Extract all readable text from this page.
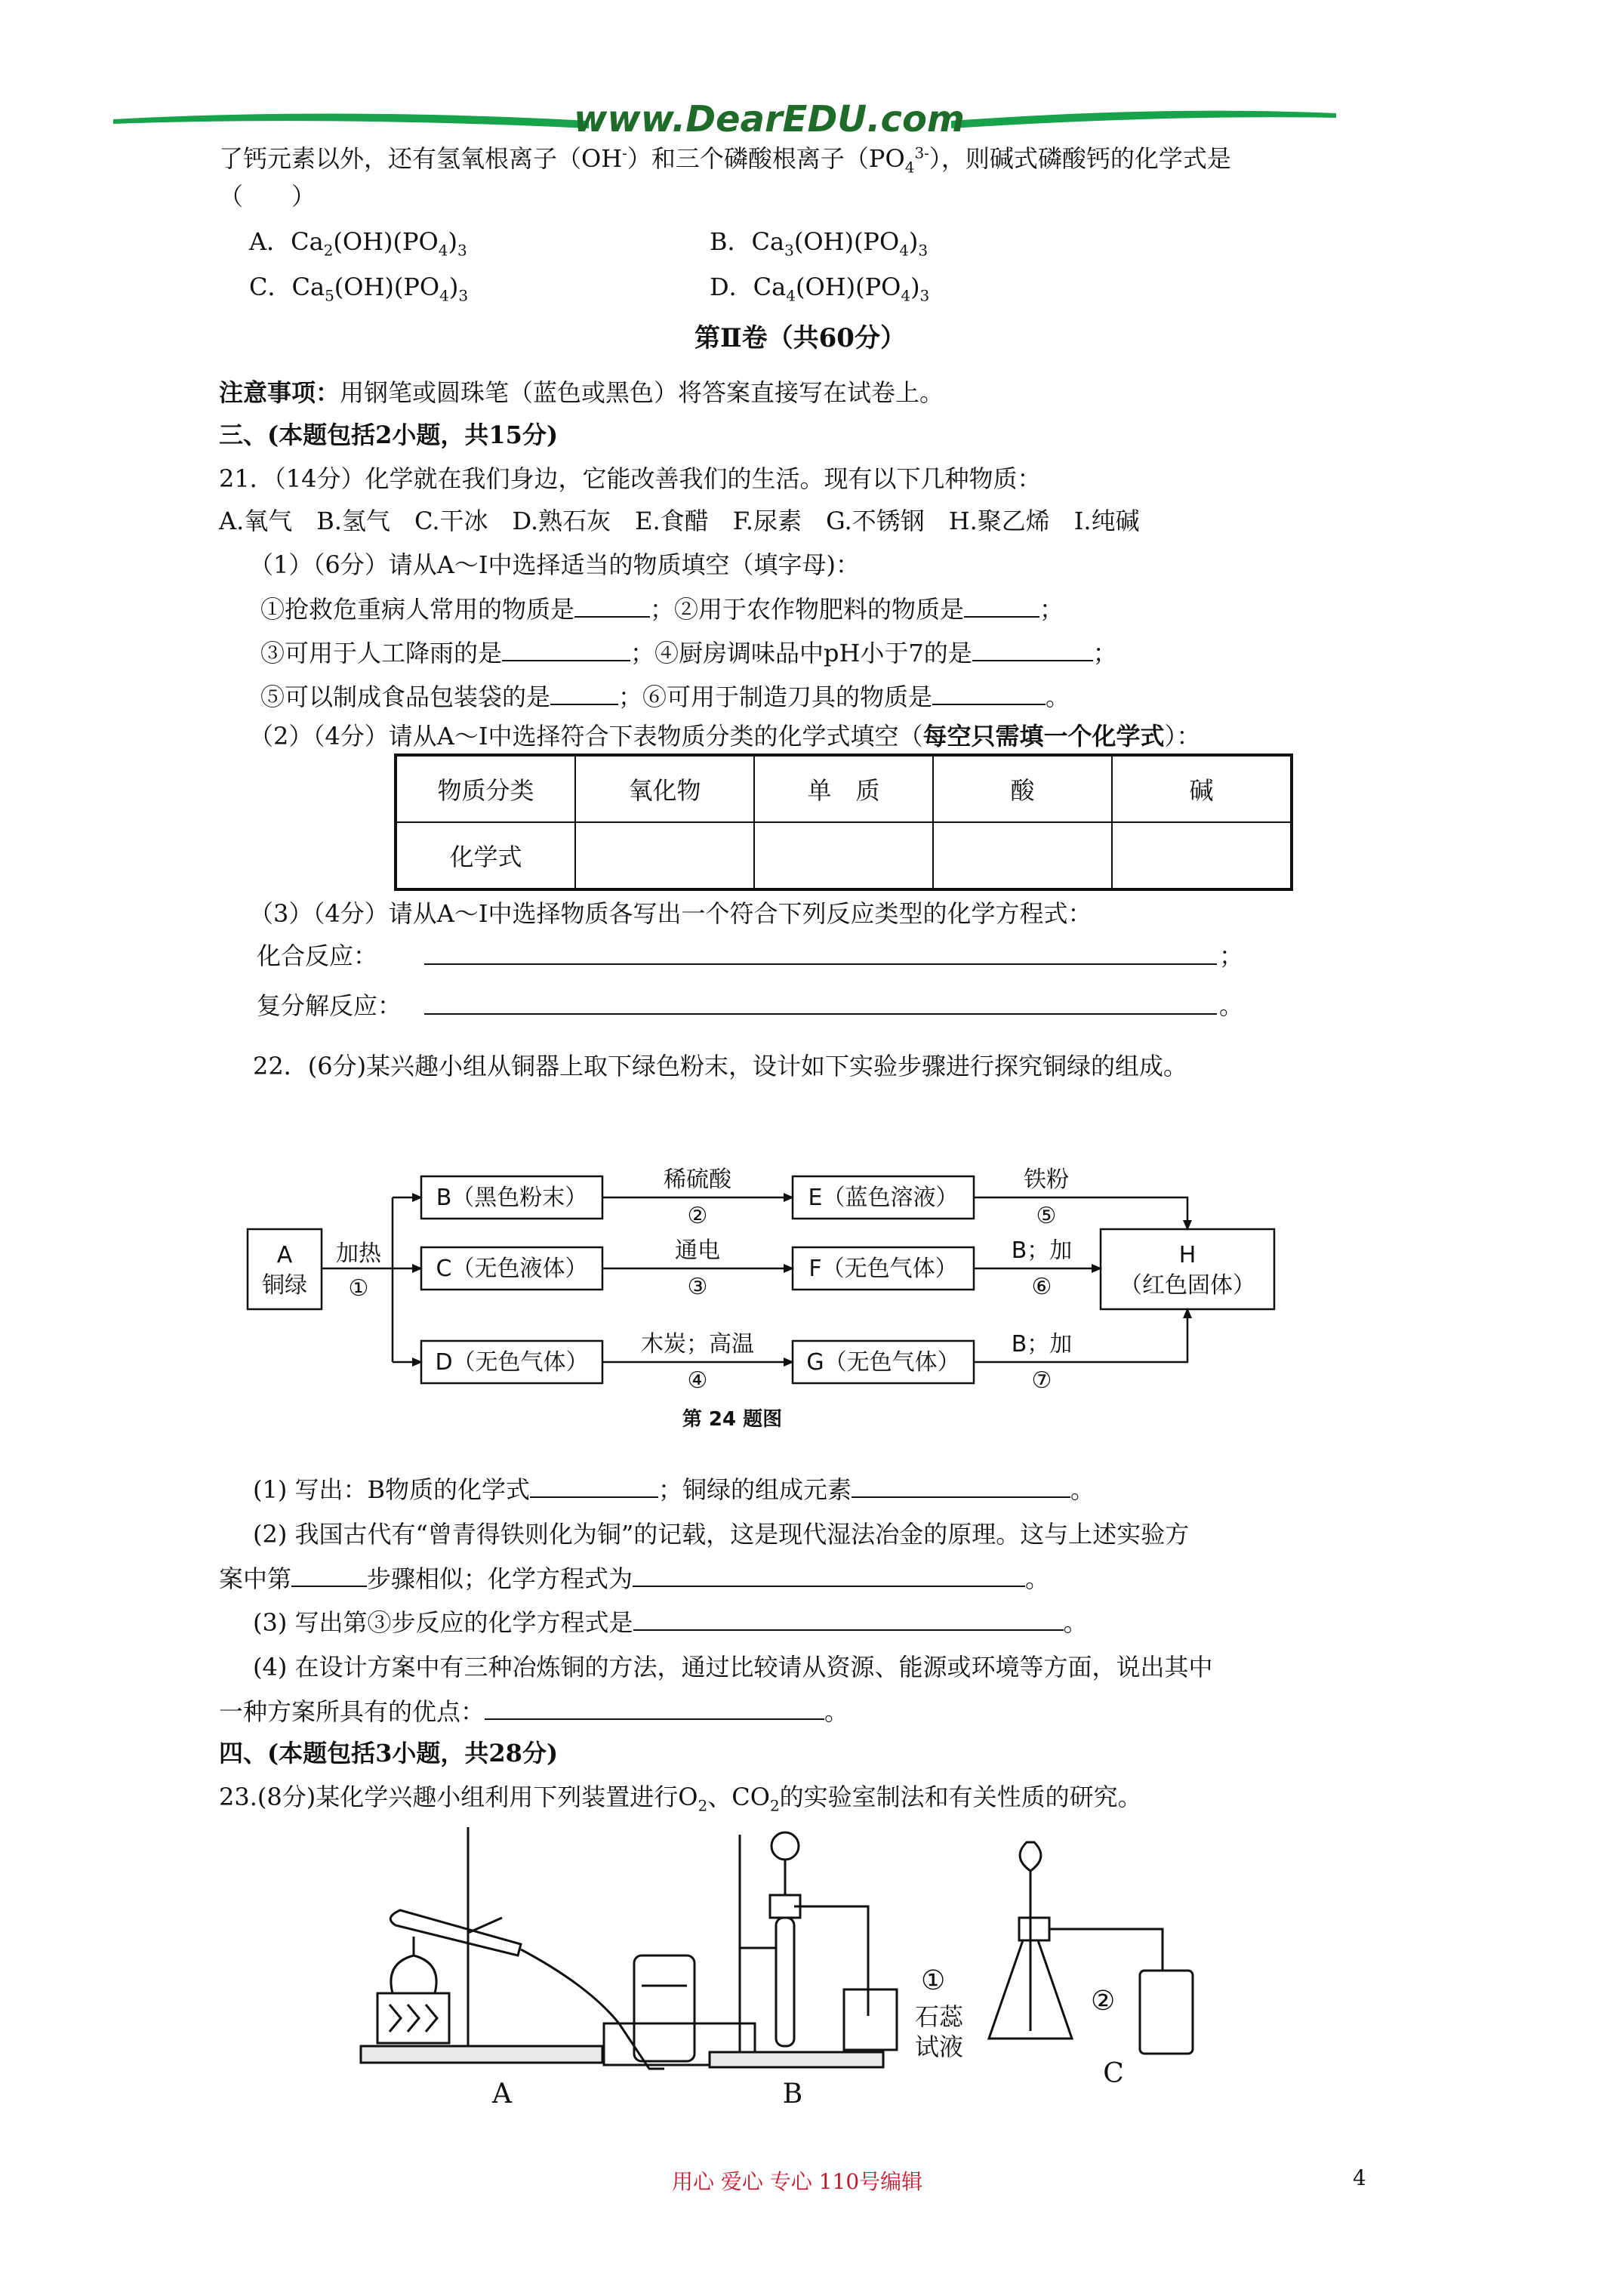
www.DearEDU.com
了钙元素以外，还有氢氧根离子（OH-）和三个磷酸根离子$(PO_4^{3-})$，则碱式磷酸钙的化学式是
（　　）
A．$Ca_2(OH)(PO_4)_3$	B．$Ca_3(OH)(PO_4)_3$
C．$Ca_5(OH)(PO_4)_3$	D．$Ca_4(OH)(PO_4)_3$
第Ⅱ卷（共60分）
注意事项：用钢笔或圆珠笔（蓝色或黑色）将答案直接写在试卷上。
三、(本题包括2小题，共15分)
21．（14分）化学就在我们身边，它能改善我们的生活。现有以下几种物质：
A.氧气　B.氢气　C.干冰　D.熟石灰　E.食醋　F.尿素　G.不锈钢　H.聚乙烯　I.纯碱
（1）（6分）请从A～I中选择适当的物质填空（填字母)：
①抢救危重病人常用的物质是	；②用于农作物肥料的物质是	；
③可用于人工降雨的是	；④厨房调味品中pH小于7的是	；
⑤可以制成食品包装袋的是	；⑥可用于制造刀具的物质是	。
（2）（4分）请从A～I中选择符合下表物质分类的化学式填空（每空只需填一个化学式）：
物质分类	氧化物	单　质	酸	碱
化学式				
（3）（4分）请从A～I中选择物质各写出一个符合下列反应类型的化学方程式：
化合反应：	；
复分解反应：	。
22．(6分)某兴趣小组从铜器上取下绿色粉末，设计如下实验步骤进行探究铜绿的组成。
A
铜绿
加热
①
B（黑色粉末）
C（无色液体）
D（无色气体）
E（蓝色溶液）
F（无色气体）
G（无色气体）
H
（红色固体）
稀硫酸
②
通电
③
木炭；高温
④
铁粉
⑤
B；加
⑥
B；加
⑦
第 24 题图
(1) 写出：B物质的化学式	；铜绿的组成元素	。
(2) 我国古代有“曾青得铁则化为铜”的记载，这是现代湿法冶金的原理。这与上述实验方
案中第	步骤相似；化学方程式为	。
(3) 写出第③步反应的化学方程式是	。
(4) 在设计方案中有三种冶炼铜的方法，通过比较请从资源、能源或环境等方面，说出其中
一种方案所具有的优点：	。
四、(本题包括3小题，共28分)
23.(8分)某化学兴趣小组利用下列装置进行$O_2$、$CO_2$的实验室制法和有关性质的研究。
A	B
C
①
石蕊
试液
②
用心 爱心 专心 110号编辑	4
